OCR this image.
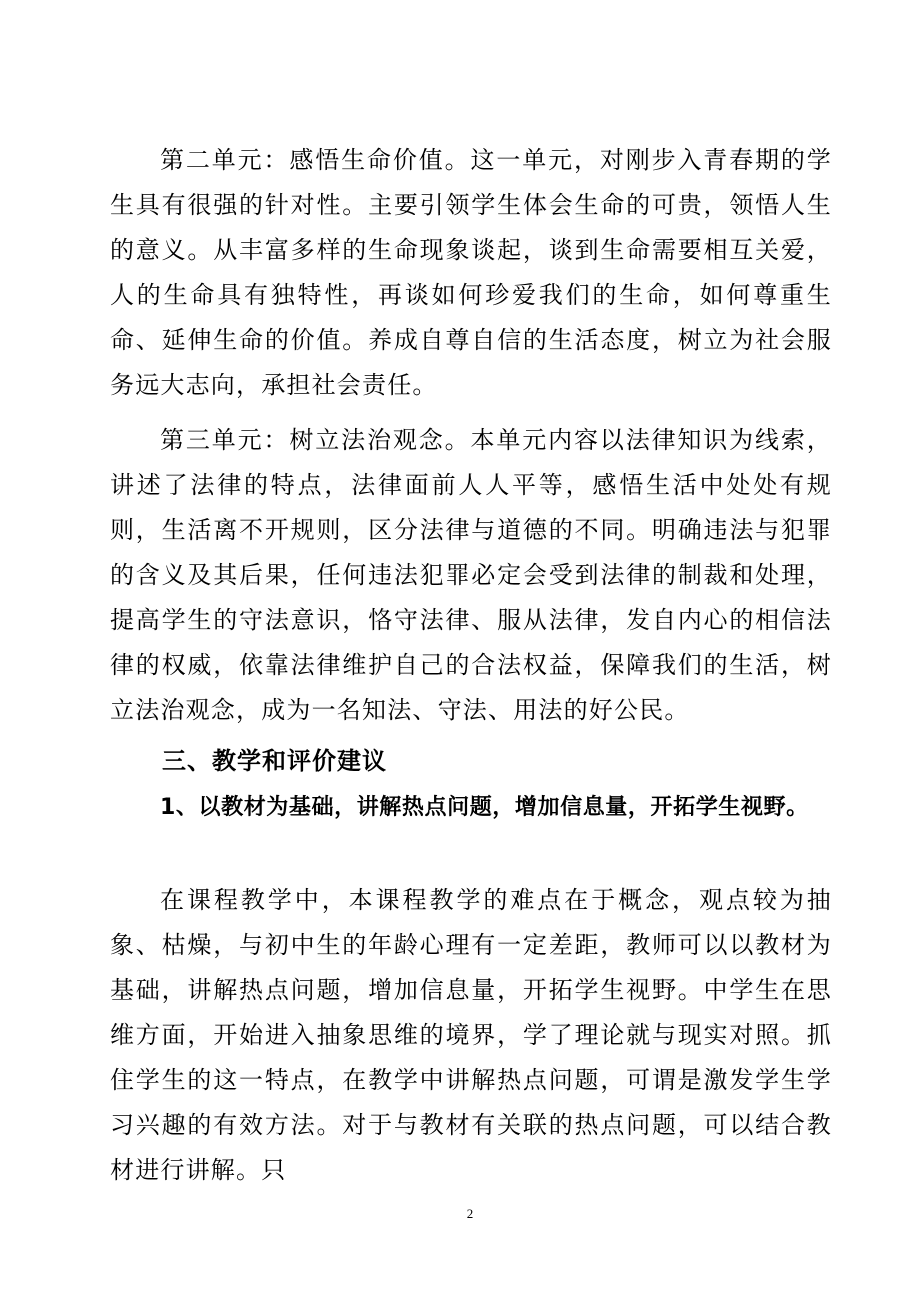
第二单元：感悟生命价值。这一单元，对刚步入青春期的学生具有很强的针对性。主要引领学生体会生命的可贵，领悟人生的意义。从丰富多样的生命现象谈起，谈到生命需要相互关爱，人的生命具有独特性，再谈如何珍爱我们的生命，如何尊重生命、延伸生命的价值。养成自尊自信的生活态度，树立为社会服务远大志向，承担社会责任。

第三单元：树立法治观念。本单元内容以法律知识为线索，讲述了法律的特点，法律面前人人平等，感悟生活中处处有规则，生活离不开规则，区分法律与道德的不同。明确违法与犯罪的含义及其后果，任何违法犯罪必定会受到法律的制裁和处理，提高学生的守法意识，恪守法律、服从法律，发自内心的相信法律的权威，依靠法律维护自己的合法权益，保障我们的生活，树立法治观念，成为一名知法、守法、用法的好公民。

三、教学和评价建议
1、以教材为基础，讲解热点问题，增加信息量，开拓学生视野。

在课程教学中，本课程教学的难点在于概念，观点较为抽象、枯燥，与初中生的年龄心理有一定差距，教师可以以教材为基础，讲解热点问题，增加信息量，开拓学生视野。中学生在思维方面，开始进入抽象思维的境界，学了理论就与现实对照。抓住学生的这一特点，在教学中讲解热点问题，可谓是激发学生学习兴趣的有效方法。对于与教材有关联的热点问题，可以结合教材进行讲解。只

2
